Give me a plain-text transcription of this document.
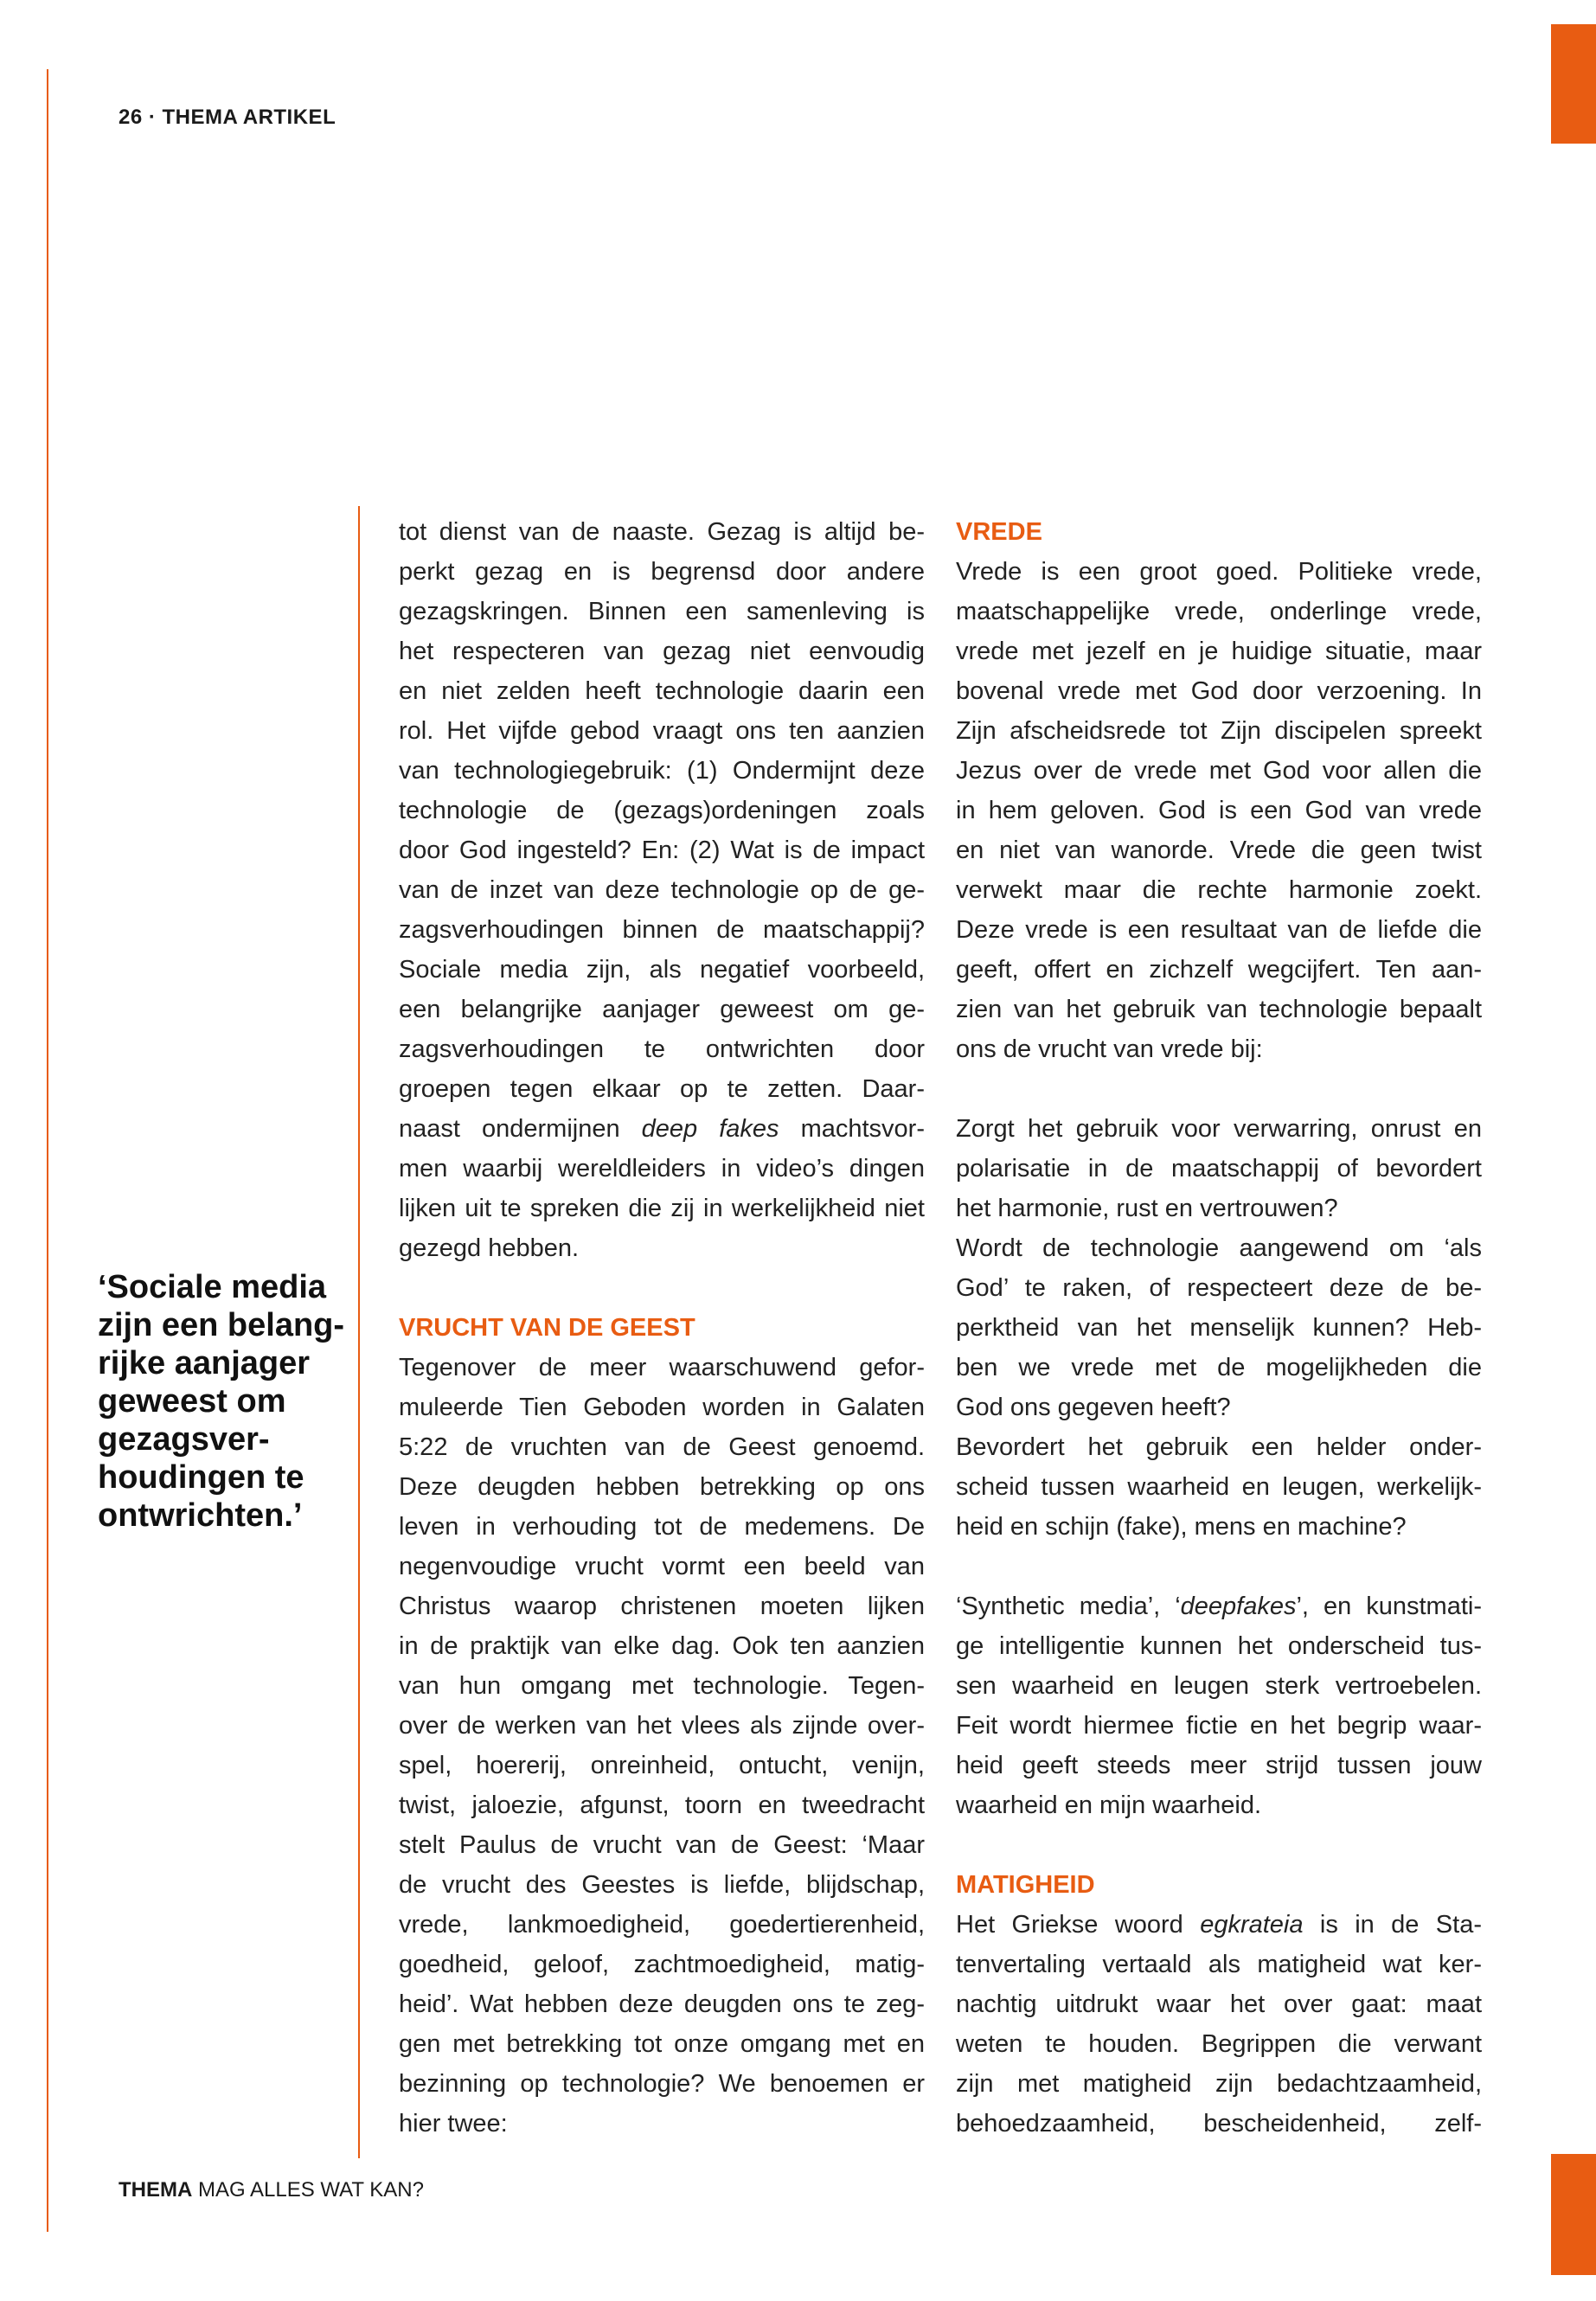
26 · THEMA ARTIKEL
‘Sociale media
zijn een belang-
rijke aanjager
geweest om
gezagsver-
houdingen te
ontwrichten.’
tot dienst van de naaste. Gezag is altijd be-
perkt gezag en is begrensd door andere
gezagskringen. Binnen een samenleving is
het respecteren van gezag niet eenvoudig
en niet zelden heeft technologie daarin een
rol. Het vijfde gebod vraagt ons ten aanzien
van technologiegebruik: (1) Ondermijnt deze
technologie de (gezags)ordeningen zoals
door God ingesteld? En: (2) Wat is de impact
van de inzet van deze technologie op de ge-
zagsverhoudingen binnen de maatschappij?
Sociale media zijn, als negatief voorbeeld,
een belangrijke aanjager geweest om ge-
zagsverhoudingen te ontwrichten door
groepen tegen elkaar op te zetten. Daar-
naast ondermijnen deep fakes machtsvor-
men waarbij wereldleiders in video’s dingen
lijken uit te spreken die zij in werkelijkheid niet
gezegd hebben.
VRUCHT VAN DE GEEST
Tegenover de meer waarschuwend gefor-
muleerde Tien Geboden worden in Galaten
5:22 de vruchten van de Geest genoemd.
Deze deugden hebben betrekking op ons
leven in verhouding tot de medemens. De
negenvoudige vrucht vormt een beeld van
Christus waarop christenen moeten lijken
in de praktijk van elke dag. Ook ten aanzien
van hun omgang met technologie. Tegen-
over de werken van het vlees als zijnde over-
spel, hoererij, onreinheid, ontucht, venijn,
twist, jaloezie, afgunst, toorn en tweedracht
stelt Paulus de vrucht van de Geest: ‘Maar
de vrucht des Geestes is liefde, blijdschap,
vrede, lankmoedigheid, goedertierenheid,
goedheid, geloof, zachtmoedigheid, matig-
heid’. Wat hebben deze deugden ons te zeg-
gen met betrekking tot onze omgang met en
bezinning op technologie? We benoemen er
hier twee:
VREDE
Vrede is een groot goed. Politieke vrede,
maatschappelijke vrede, onderlinge vrede,
vrede met jezelf en je huidige situatie, maar
bovenal vrede met God door verzoening. In
Zijn afscheidsrede tot Zijn discipelen spreekt
Jezus over de vrede met God voor allen die
in hem geloven. God is een God van vrede
en niet van wanorde. Vrede die geen twist
verwekt maar die rechte harmonie zoekt.
Deze vrede is een resultaat van de liefde die
geeft, offert en zichzelf wegcijfert. Ten aan-
zien van het gebruik van technologie bepaalt
ons de vrucht van vrede bij:
Zorgt het gebruik voor verwarring, onrust en
polarisatie in de maatschappij of bevordert
het harmonie, rust en vertrouwen?
Wordt de technologie aangewend om ‘als
God’ te raken, of respecteert deze de be-
perktheid van het menselijk kunnen? Heb-
ben we vrede met de mogelijkheden die
God ons gegeven heeft?
Bevordert het gebruik een helder onder-
scheid tussen waarheid en leugen, werkelijk-
heid en schijn (fake), mens en machine?
‘Synthetic media’, ‘deepfakes’, en kunstmati-
ge intelligentie kunnen het onderscheid tus-
sen waarheid en leugen sterk vertroebelen.
Feit wordt hiermee fictie en het begrip waar-
heid geeft steeds meer strijd tussen jouw
waarheid en mijn waarheid.
MATIGHEID
Het Griekse woord egkrateia is in de Sta-
tenvertaling vertaald als matigheid wat ker-
nachtig uitdrukt waar het over gaat: maat
weten te houden. Begrippen die verwant
zijn met matigheid zijn bedachtzaamheid,
behoedzaamheid, bescheidenheid, zelf-
THEMA MAG ALLES WAT KAN?
